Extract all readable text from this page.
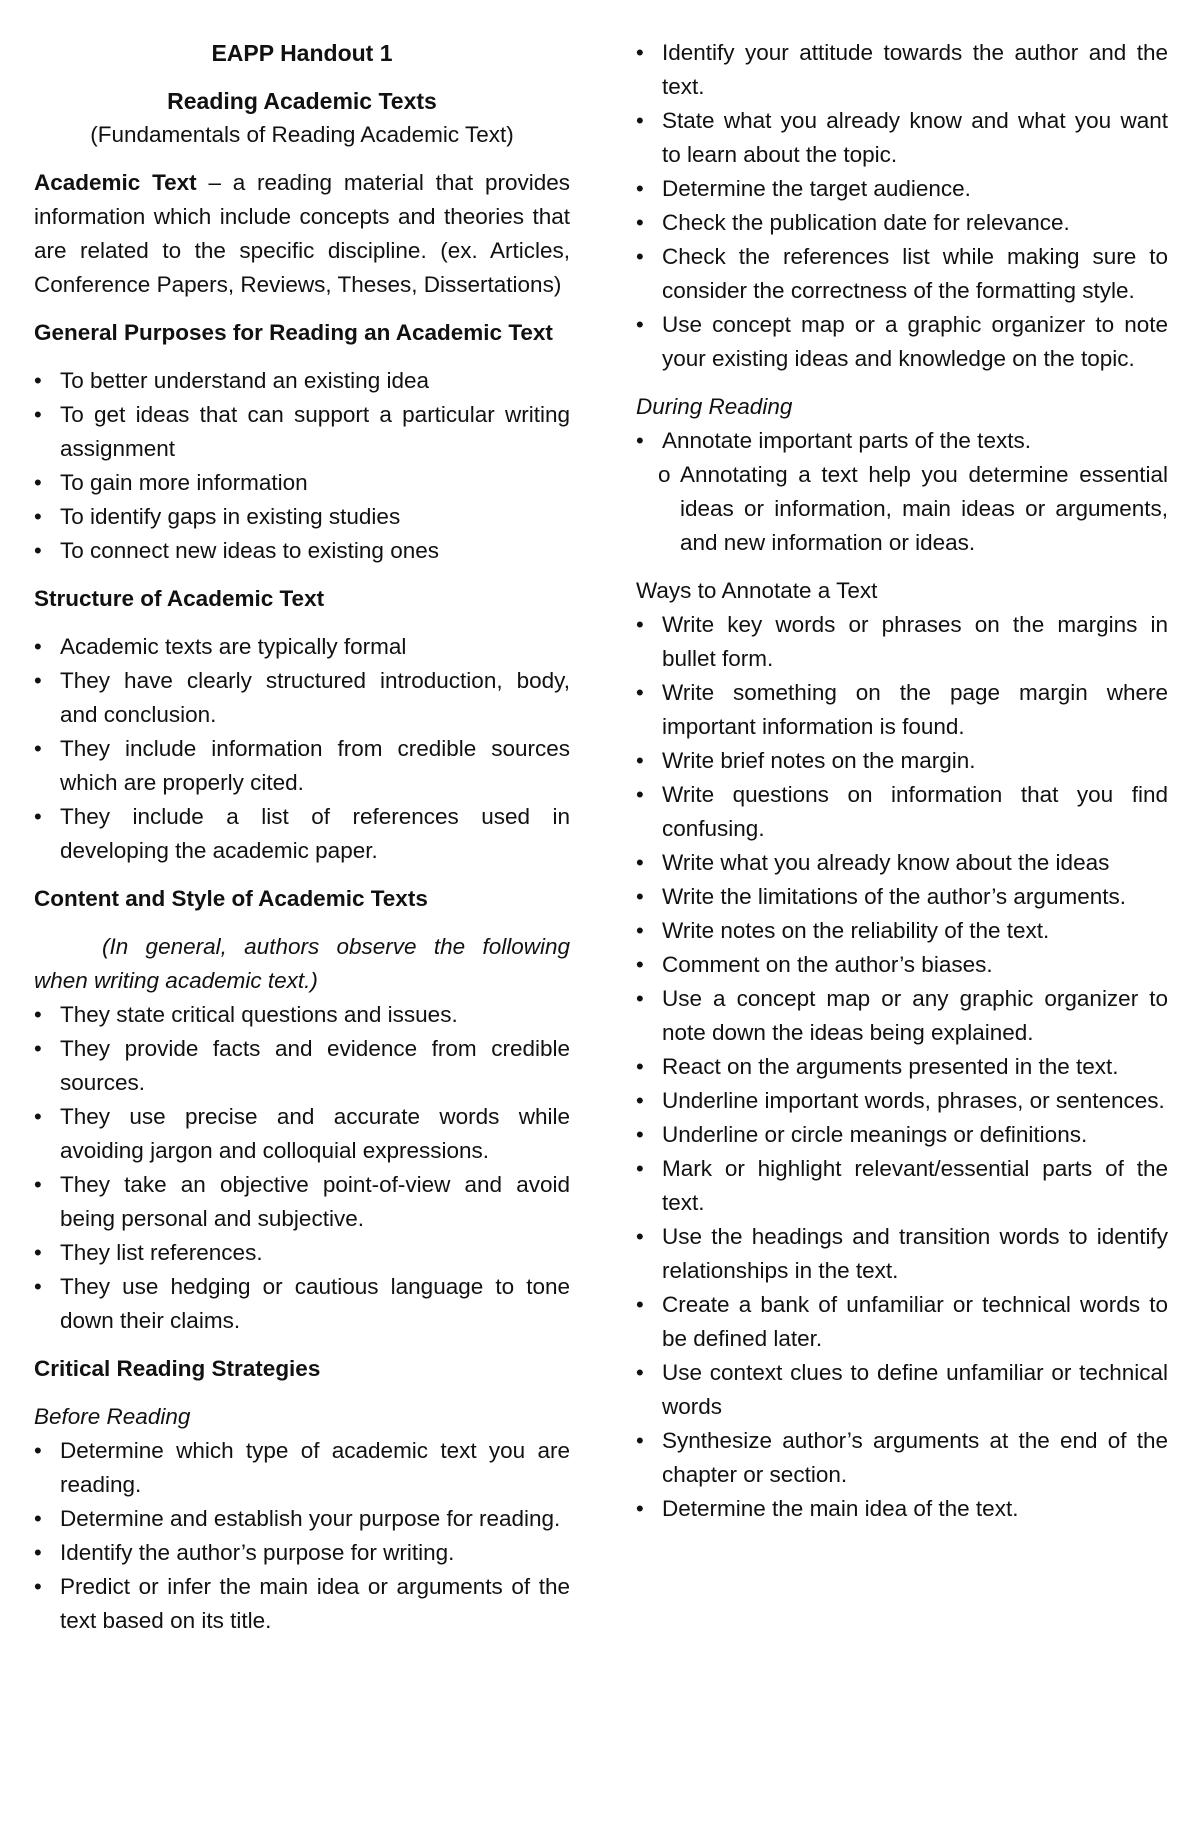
EAPP Handout 1

Reading Academic Texts

(Fundamentals of Reading Academic Text)

Academic Text – a reading material that provides information which include concepts and theories that are related to the specific discipline. (ex. Articles, Conference Papers, Reviews, Theses, Dissertations)

General Purposes for Reading an Academic Text

• To better understand an existing idea
• To get ideas that can support a particular writing assignment
• To gain more information
• To identify gaps in existing studies
• To connect new ideas to existing ones

Structure of Academic Text

• Academic texts are typically formal
• They have clearly structured introduction, body, and conclusion.
• They include information from credible sources which are properly cited.
• They include a list of references used in developing the academic paper.

Content and Style of Academic Texts

(In general, authors observe the following when writing academic text.)

• They state critical questions and issues.
• They provide facts and evidence from credible sources.
• They use precise and accurate words while avoiding jargon and colloquial expressions.
• They take an objective point-of-view and avoid being personal and subjective.
• They list references.
• They use hedging or cautious language to tone down their claims.

Critical Reading Strategies

Before Reading

• Determine which type of academic text you are reading.
• Determine and establish your purpose for reading.
• Identify the author’s purpose for writing.
• Predict or infer the main idea or arguments of the text based on its title.
• Identify your attitude towards the author and the text.
• State what you already know and what you want to learn about the topic.
• Determine the target audience.
• Check the publication date for relevance.
• Check the references list while making sure to consider the correctness of the formatting style.
• Use concept map or a graphic organizer to note your existing ideas and knowledge on the topic.

During Reading

• Annotate important parts of the texts.
o Annotating a text help you determine essential ideas or information, main ideas or arguments, and new information or ideas.

Ways to Annotate a Text

• Write key words or phrases on the margins in bullet form.
• Write something on the page margin where important information is found.
• Write brief notes on the margin.
• Write questions on information that you find confusing.
• Write what you already know about the ideas
• Write the limitations of the author’s arguments.
• Write notes on the reliability of the text.
• Comment on the author’s biases.
• Use a concept map or any graphic organizer to note down the ideas being explained.
• React on the arguments presented in the text.
• Underline important words, phrases, or sentences.
• Underline or circle meanings or definitions.
• Mark or highlight relevant/essential parts of the text.
• Use the headings and transition words to identify relationships in the text.
• Create a bank of unfamiliar or technical words to be defined later.
• Use context clues to define unfamiliar or technical words
• Synthesize author’s arguments at the end of the chapter or section.
• Determine the main idea of the text.
